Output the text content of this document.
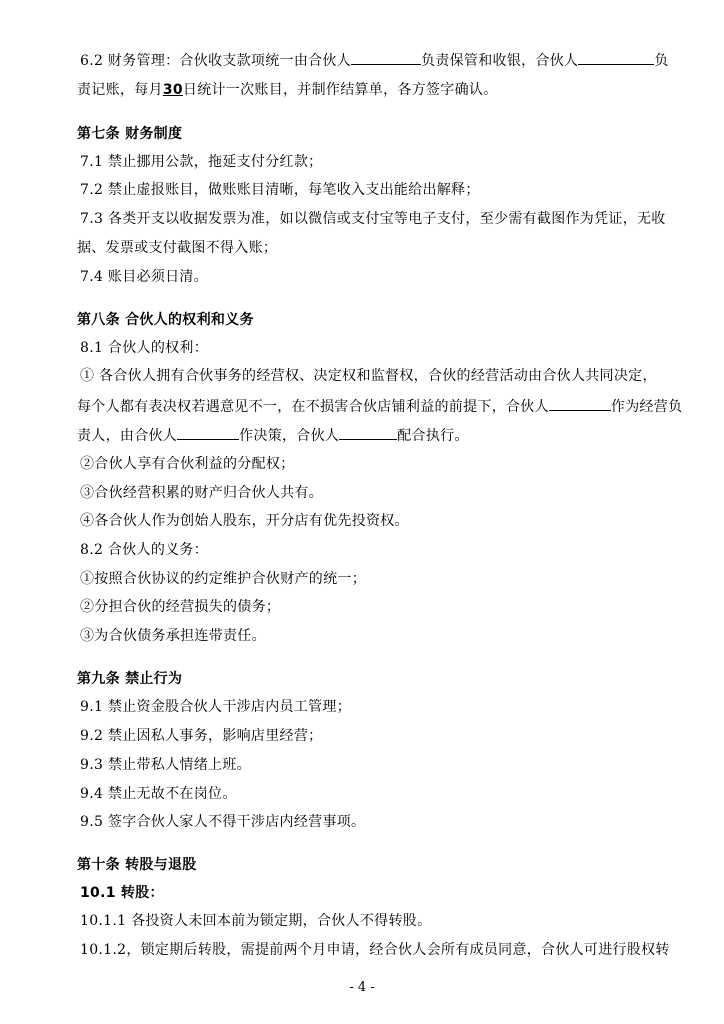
6.2 财务管理：合伙收支款项统一由合伙人	负责保管和收银，合伙人	负
责记账，每月30日统计一次账目，并制作结算单，各方签字确认。
第七条 财务制度
7.1 禁止挪用公款，拖延支付分红款；
7.2 禁止虚报账目，做账账目清晰，每笔收入支出能给出解释；
7.3 各类开支以收据发票为准，如以微信或支付宝等电子支付，至少需有截图作为凭证，无收
据、发票或支付截图不得入账；
7.4 账目必须日清。
第八条 合伙人的权利和义务
8.1 合伙人的权利：
① 各合伙人拥有合伙事务的经营权、决定权和监督权，合伙的经营活动由合伙人共同决定，
每个人都有表决权若遇意见不一，在不损害合伙店铺利益的前提下，合伙人	作为经营负
责人，由合伙人	作决策，合伙人	配合执行。
②合伙人享有合伙利益的分配权；
③合伙经营积累的财产归合伙人共有。
④各合伙人作为创始人股东，开分店有优先投资权。
8.2 合伙人的义务：
①按照合伙协议的约定维护合伙财产的统一；
②分担合伙的经营损失的债务；
③为合伙债务承担连带责任。
第九条 禁止行为
9.1 禁止资金股合伙人干涉店内员工管理；
9.2 禁止因私人事务，影响店里经营；
9.3 禁止带私人情绪上班。
9.4 禁止无故不在岗位。
9.5 签字合伙人家人不得干涉店内经营事项。
第十条 转股与退股
10.1 转股：
10.1.1 各投资人未回本前为锁定期，合伙人不得转股。
10.1.2，锁定期后转股，需提前两个月申请，经合伙人会所有成员同意，合伙人可进行股权转
- 4 -
